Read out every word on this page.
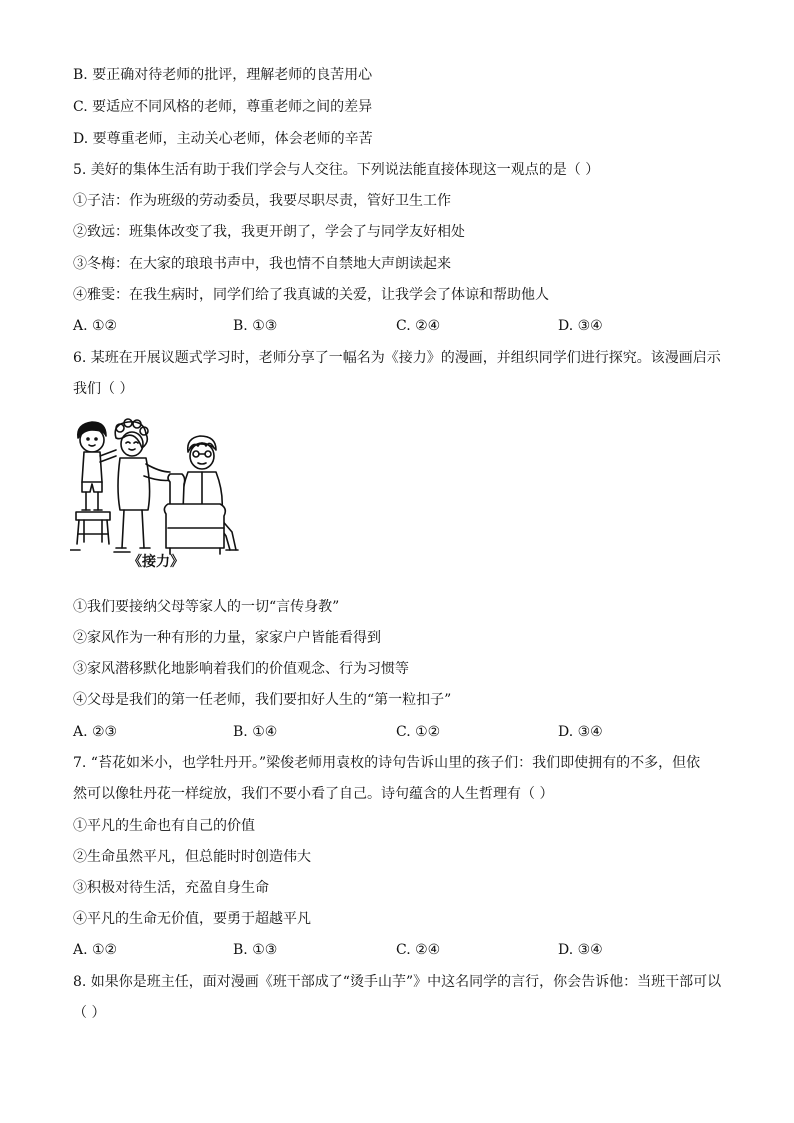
B. 要正确对待老师的批评，理解老师的良苦用心
C. 要适应不同风格的老师，尊重老师之间的差异
D. 要尊重老师，主动关心老师，体会老师的辛苦
5. 美好的集体生活有助于我们学会与人交往。下列说法能直接体现这一观点的是（ ）
①子洁：作为班级的劳动委员，我要尽职尽责，管好卫生工作
②致远：班集体改变了我，我更开朗了，学会了与同学友好相处
③冬梅：在大家的琅琅书声中，我也情不自禁地大声朗读起来
④雅雯：在我生病时，同学们给了我真诚的关爱，让我学会了体谅和帮助他人
A. ①②	B. ①③	C. ②④	D. ③④
6. 某班在开展议题式学习时，老师分享了一幅名为《接力》的漫画，并组织同学们进行探究。该漫画启示
我们（ ）
《接力》
①我们要接纳父母等家人的一切“言传身教”
②家风作为一种有形的力量，家家户户皆能看得到
③家风潜移默化地影响着我们的价值观念、行为习惯等
④父母是我们的第一任老师，我们要扣好人生的“第一粒扣子”
A. ②③	B. ①④	C. ①②	D. ③④
7. “苔花如米小，也学牡丹开。”梁俊老师用袁枚的诗句告诉山里的孩子们：我们即使拥有的不多，但依
然可以像牡丹花一样绽放，我们不要小看了自己。诗句蕴含的人生哲理有（ ）
①平凡的生命也有自己的价值
②生命虽然平凡，但总能时时创造伟大
③积极对待生活，充盈自身生命
④平凡的生命无价值，要勇于超越平凡
A. ①②	B. ①③	C. ②④	D. ③④
8. 如果你是班主任，面对漫画《班干部成了“烫手山芋”》中这名同学的言行，你会告诉他：当班干部可以
（ ）
